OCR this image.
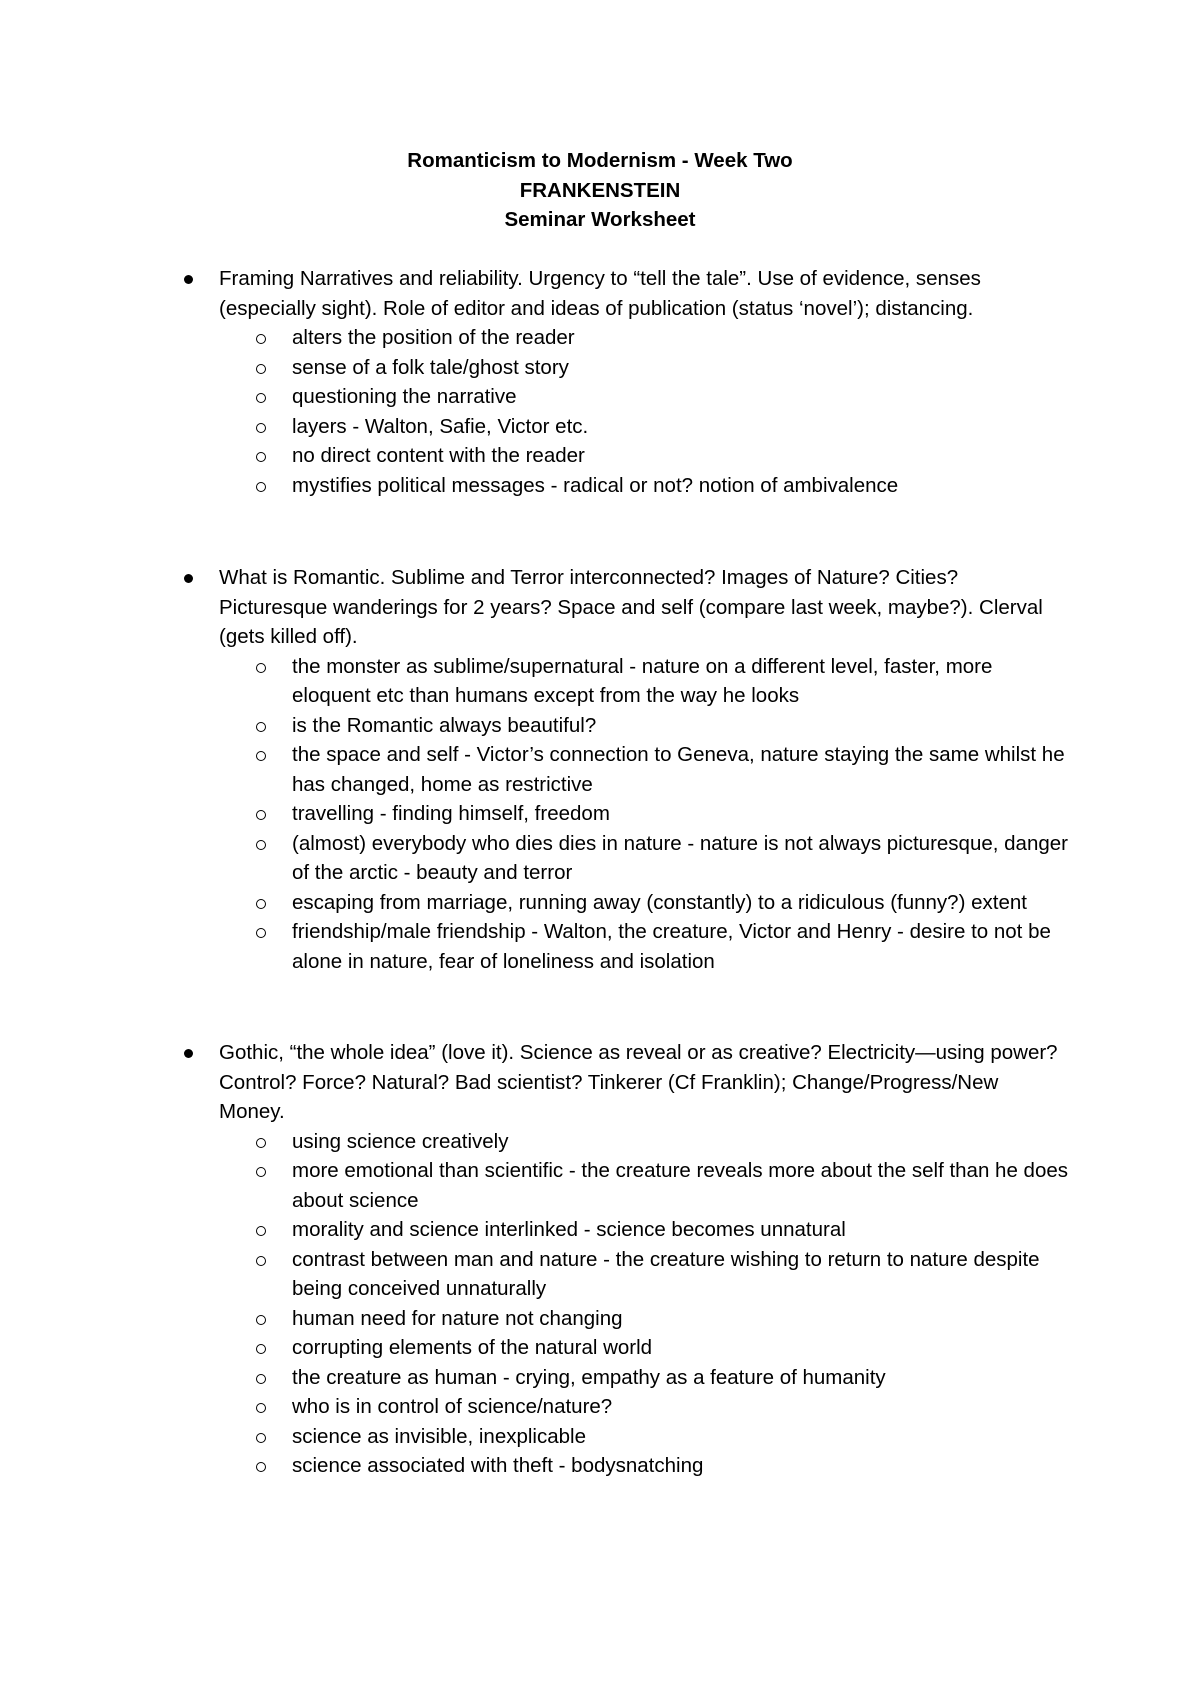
Romanticism to Modernism - Week Two
FRANKENSTEIN
Seminar Worksheet
Framing Narratives and reliability. Urgency to “tell the tale”. Use of evidence, senses (especially sight). Role of editor and ideas of publication (status ‘novel’); distancing.
alters the position of the reader
sense of a folk tale/ghost story
questioning the narrative
layers - Walton, Safie, Victor etc.
no direct content with the reader
mystifies political messages - radical or not? notion of ambivalence
What is Romantic. Sublime and Terror interconnected? Images of Nature? Cities? Picturesque wanderings for 2 years? Space and self (compare last week, maybe?). Clerval (gets killed off).
the monster as sublime/supernatural - nature on a different level, faster, more eloquent etc than humans except from the way he looks
is the Romantic always beautiful?
the space and self - Victor’s connection to Geneva, nature staying the same whilst he has changed, home as restrictive
travelling - finding himself, freedom
(almost) everybody who dies dies in nature - nature is not always picturesque, danger of the arctic - beauty and terror
escaping from marriage, running away (constantly) to a ridiculous (funny?) extent
friendship/male friendship - Walton, the creature, Victor and Henry - desire to not be alone in nature, fear of loneliness and isolation
Gothic, “the whole idea” (love it). Science as reveal or as creative? Electricity—using power? Control? Force? Natural? Bad scientist? Tinkerer (Cf Franklin); Change/Progress/New Money.
using science creatively
more emotional than scientific - the creature reveals more about the self than he does about science
morality and science interlinked - science becomes unnatural
contrast between man and nature - the creature wishing to return to nature despite being conceived unnaturally
human need for nature not changing
corrupting elements of the natural world
the creature as human - crying, empathy as a feature of humanity
who is in control of science/nature?
science as invisible, inexplicable
science associated with theft - bodysnatching
